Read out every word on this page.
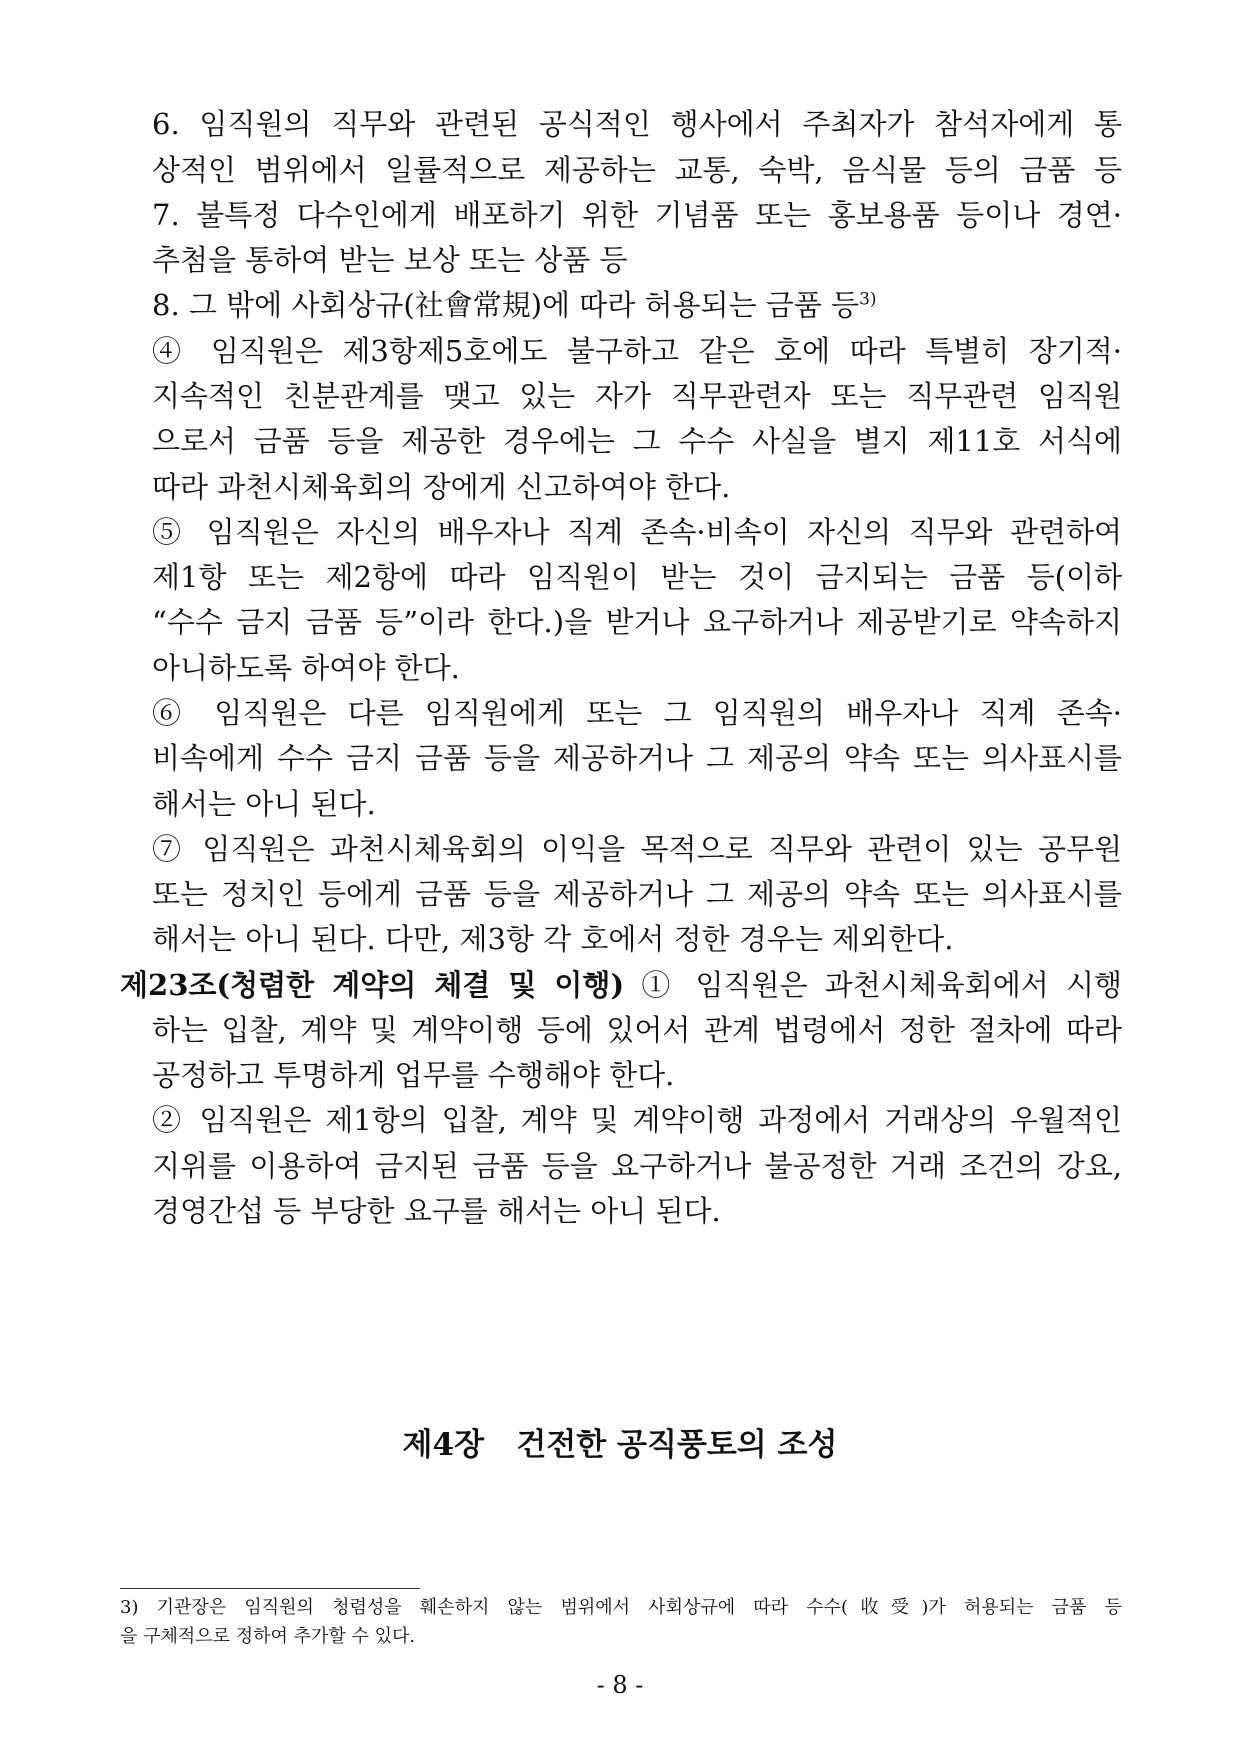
6. 임직원의 직무와 관련된 공식적인 행사에서 주최자가 참석자에게 통
상적인 범위에서 일률적으로 제공하는 교통, 숙박, 음식물 등의 금품 등
7. 불특정 다수인에게 배포하기 위한 기념품 또는 홍보용품 등이나 경연·
추첨을 통하여 받는 보상 또는 상품 등
8. 그 밖에 사회상규(社會常規)에 따라 허용되는 금품 등$^{3)}$
④ 임직원은 제3항제5호에도 불구하고 같은 호에 따라 특별히 장기적·
지속적인 친분관계를 맺고 있는 자가 직무관련자 또는 직무관련 임직원
으로서 금품 등을 제공한 경우에는 그 수수 사실을 별지 제11호 서식에
따라 과천시체육회의 장에게 신고하여야 한다.
⑤ 임직원은 자신의 배우자나 직계 존속·비속이 자신의 직무와 관련하여
제1항 또는 제2항에 따라 임직원이 받는 것이 금지되는 금품 등(이하
“수수 금지 금품 등”이라 한다.)을 받거나 요구하거나 제공받기로 약속하지
아니하도록 하여야 한다.
⑥ 임직원은 다른 임직원에게 또는 그 임직원의 배우자나 직계 존속·
비속에게 수수 금지 금품 등을 제공하거나 그 제공의 약속 또는 의사표시를
해서는 아니 된다.
⑦ 임직원은 과천시체육회의 이익을 목적으로 직무와 관련이 있는 공무원
또는 정치인 등에게 금품 등을 제공하거나 그 제공의 약속 또는 의사표시를
해서는 아니 된다. 다만, 제3항 각 호에서 정한 경우는 제외한다.
제23조(청렴한 계약의 체결 및 이행) ① 임직원은 과천시체육회에서 시행
하는 입찰, 계약 및 계약이행 등에 있어서 관계 법령에서 정한 절차에 따라
공정하고 투명하게 업무를 수행해야 한다.
② 임직원은 제1항의 입찰, 계약 및 계약이행 과정에서 거래상의 우월적인
지위를 이용하여 금지된 금품 등을 요구하거나 불공정한 거래 조건의 강요,
경영간섭 등 부당한 요구를 해서는 아니 된다.
제4장   건전한 공직풍토의 조성
3) 기관장은 임직원의 청렴성을 훼손하지 않는 범위에서 사회상규에 따라 수수(收受)가 허용되는 금품 등
을 구체적으로 정하여 추가할 수 있다.
- 8 -
